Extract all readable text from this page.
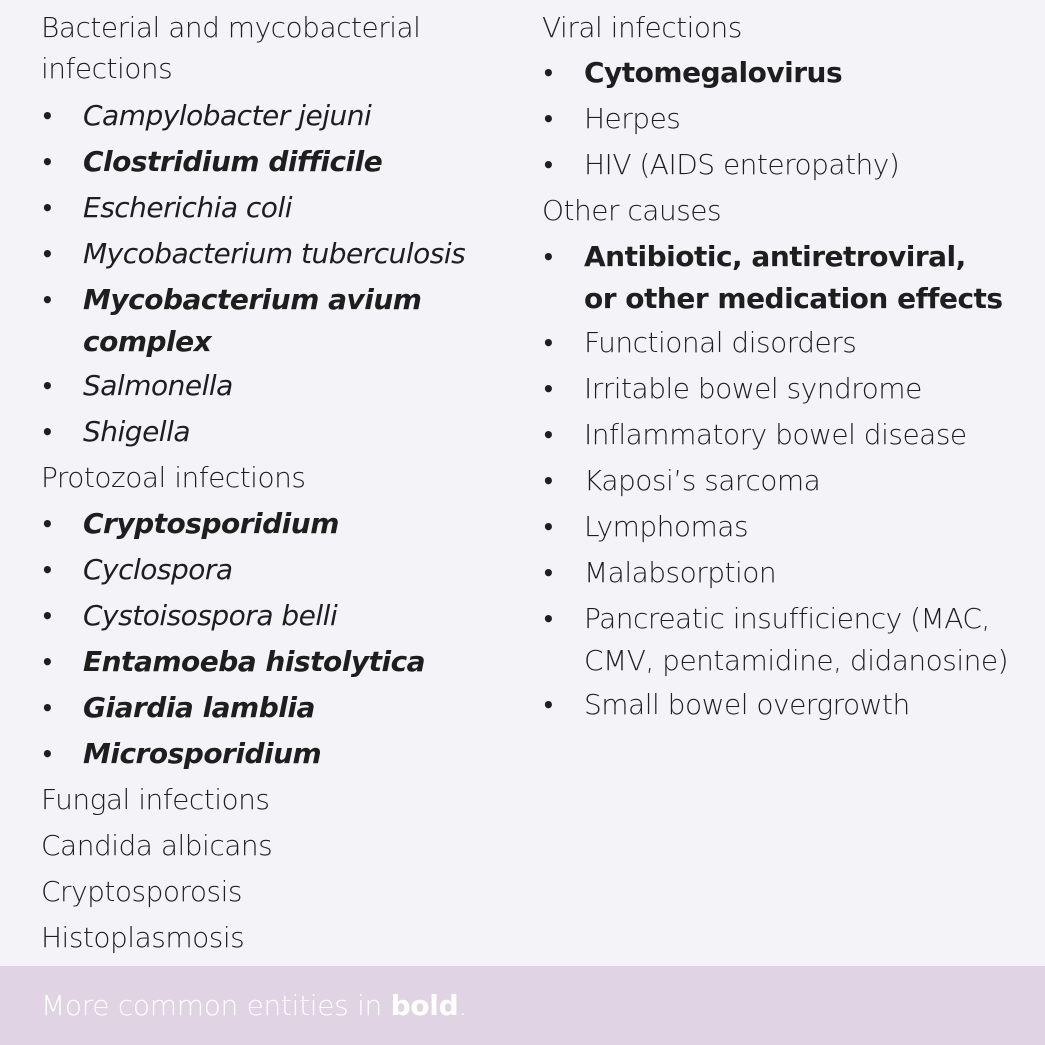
Bacterial and mycobacterial infections
• Campylobacter jejuni
• Clostridium difficile
• Escherichia coli
• Mycobacterium tuberculosis
• Mycobacterium avium complex
• Salmonella
• Shigella
Protozoal infections
• Cryptosporidium
• Cyclospora
• Cystoisospora belli
• Entamoeba histolytica
• Giardia lamblia
• Microsporidium
Fungal infections
Candida albicans
Cryptosporosis
Histoplasmosis
Viral infections
• Cytomegalovirus
• Herpes
• HIV (AIDS enteropathy)
Other causes
• Antibiotic, antiretroviral, or other medication effects
• Functional disorders
• Irritable bowel syndrome
• Inflammatory bowel disease
• Kaposi’s sarcoma
• Lymphomas
• Malabsorption
• Pancreatic insufficiency (MAC, CMV, pentamidine, didanosine)
• Small bowel overgrowth
More common entities in bold.
